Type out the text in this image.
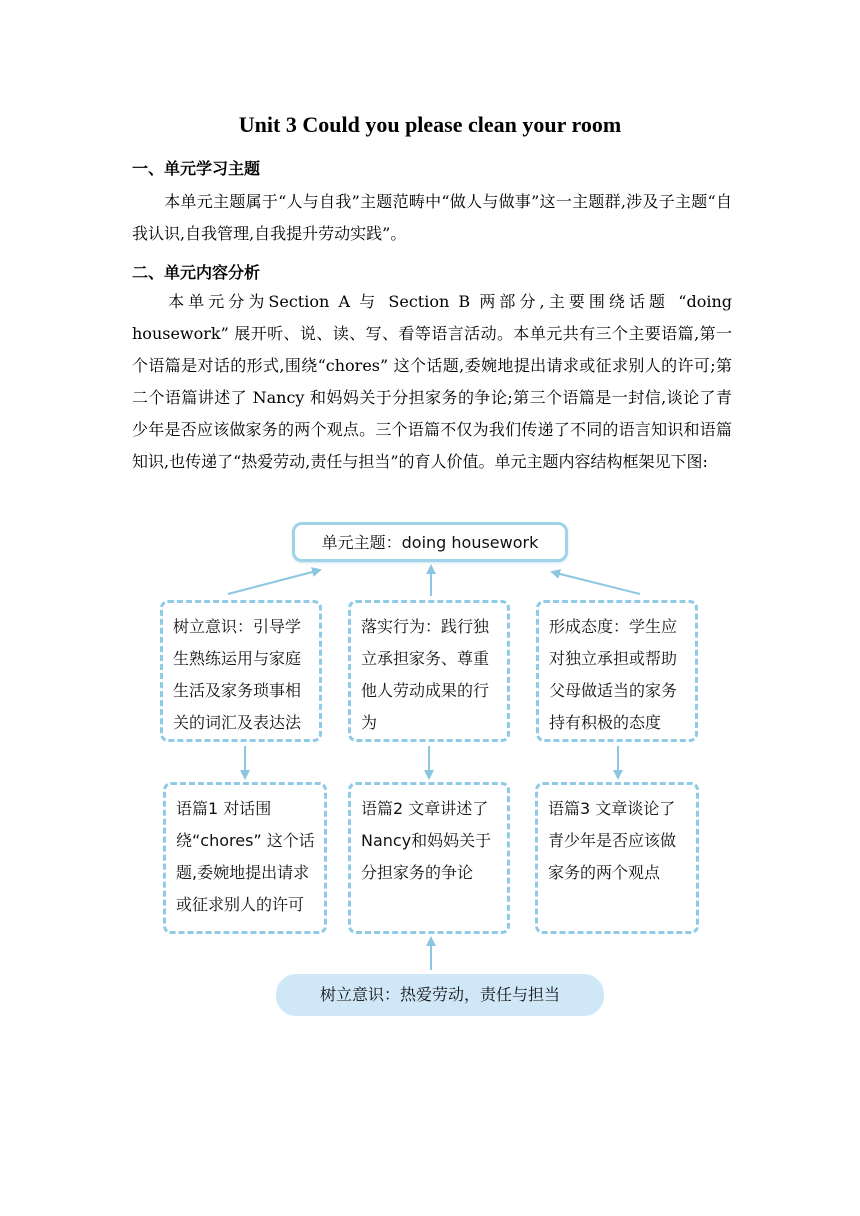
Unit 3 Could you please clean your room
一、单元学习主题
本单元主题属于“人与自我”主题范畴中“做人与做事”这一主题群,涉及子主题“自我认识,自我管理,自我提升劳动实践”。
二、单元内容分析
本单元分为Section A 与 Section B 两部分,主要围绕话题 “doing housework” 展开听、说、读、写、看等语言活动。本单元共有三个主要语篇,第一个语篇是对话的形式,围绕“chores” 这个话题,委婉地提出请求或征求别人的许可;第二个语篇讲述了 Nancy 和妈妈关于分担家务的争论;第三个语篇是一封信,谈论了青少年是否应该做家务的两个观点。三个语篇不仅为我们传递了不同的语言知识和语篇知识,也传递了“热爱劳动,责任与担当”的育人价值。单元主题内容结构框架见下图:
单元主题：doing housework
树立意识：引导学生熟练运用与家庭生活及家务琐事相关的词汇及表达法
落实行为：践行独立承担家务、尊重他人劳动成果的行为
形成态度：学生应对独立承担或帮助父母做适当的家务持有积极的态度
语篇1 对话围绕“chores” 这个话题,委婉地提出请求或征求别人的许可
语篇2 文章讲述了Nancy和妈妈关于分担家务的争论
语篇3 文章谈论了青少年是否应该做家务的两个观点
树立意识：热爱劳动，责任与担当
